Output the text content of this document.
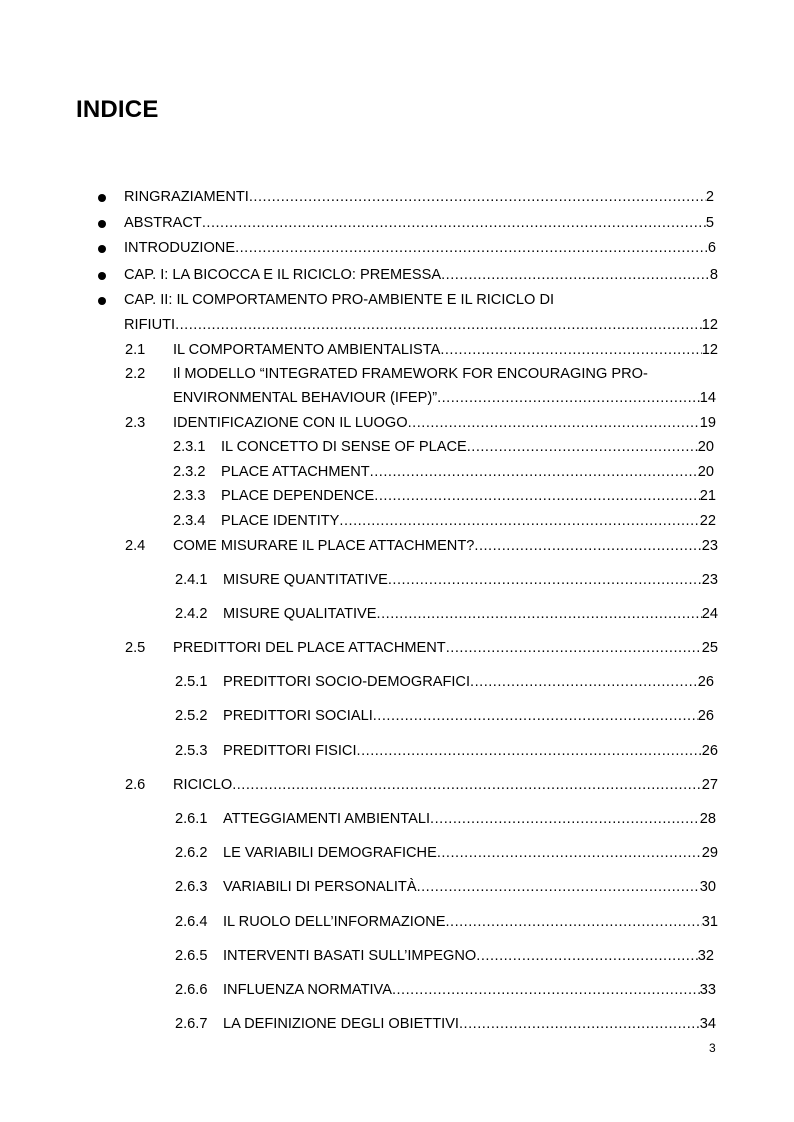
INDICE
RINGRAZIAMENTI .....	2
ABSTRACT .....	5
INTRODUZIONE .....	6
CAP. I: LA BICOCCA E IL RICICLO: PREMESSA .....	8
CAP. II: IL COMPORTAMENTO PRO-AMBIENTE E IL RICICLO DI
RIFIUTI .....	12
2.1 IL COMPORTAMENTO AMBIENTALISTA .....	12
2.2 Il MODELLO “INTEGRATED FRAMEWORK FOR ENCOURAGING PRO-
ENVIRONMENTAL BEHAVIOUR (IFEP)” .....	14
2.3 IDENTIFICAZIONE CON IL LUOGO .....	19
2.3.1 IL CONCETTO DI SENSE OF PLACE .....	20
2.3.2 PLACE ATTACHMENT .....	20
2.3.3 PLACE DEPENDENCE .....	21
2.3.4 PLACE IDENTITY .....	22
2.4 COME MISURARE IL PLACE ATTACHMENT? .....	23
2.4.1 MISURE QUANTITATIVE .....	23
2.4.2 MISURE QUALITATIVE .....	24
2.5 PREDITTORI DEL PLACE ATTACHMENT .....	25
2.5.1 PREDITTORI SOCIO-DEMOGRAFICI .....	26
2.5.2 PREDITTORI SOCIALI .....	26
2.5.3 PREDITTORI FISICI .....	26
2.6 RICICLO .....	27
2.6.1 ATTEGGIAMENTI AMBIENTALI .....	28
2.6.2 LE VARIABILI DEMOGRAFICHE .....	29
2.6.3 VARIABILI DI PERSONALITÀ .....	30
2.6.4 IL RUOLO DELL’INFORMAZIONE .....	31
2.6.5 INTERVENTI BASATI SULL’IMPEGNO .....	32
2.6.6 INFLUENZA NORMATIVA .....	33
2.6.7 LA DEFINIZIONE DEGLI OBIETTIVI .....	34
3
